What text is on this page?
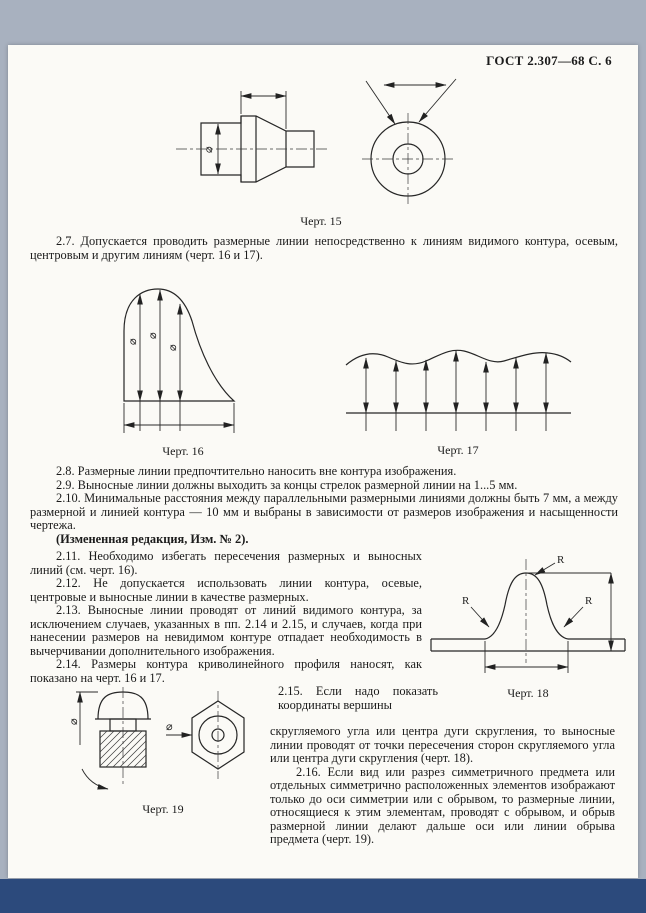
ГОСТ 2.307—68 С. 6
⌀
Черт. 15

2.7. Допускается проводить размерные линии непосредственно к линиям видимого контура, осевым, центровым и другим линиям (черт. 16 и 17).

⌀
⌀
⌀
Черт. 16	Черт. 17

2.8. Размерные линии предпочтительно наносить вне контура изображения.

2.9. Выносные линии должны выходить за концы стрелок размерной линии на 1...5 мм.

2.10. Минимальные расстояния между параллельными размерными линиями должны быть 7 мм, а между размерной и линией контура — 10 мм и выбраны в зависимости от размеров изображения и насыщенности чертежа.

(Измененная редакция, Изм. № 2).

2.11. Необходимо избегать пересечения размерных и выносных линий (см. черт. 16).

2.12. Не допускается использовать линии контура, осевые, центровые и выносные линии в качестве размерных.

2.13. Выносные линии проводят от линий видимого контура, за исключением случаев, указанных в пп. 2.14 и 2.15, и случаев, когда при нанесении размеров на невидимом контуре отпадает необходимость в вычерчивании дополнительного изображения.

2.14. Размеры контура криволинейного профиля наносят, как показано на черт. 16 и 17.

2.15. Если надо показать координаты вершины

R
R	R
Черт. 18
⌀	⌀
Черт. 19

скругляемого угла или центра дуги скругления, то выносные линии проводят от точки пересечения сторон скругляемого угла или центра дуги скругления (черт. 18).

2.16. Если вид или разрез симметричного предмета или отдельных симметрично расположенных элементов изображают только до оси симметрии или с обрывом, то размерные линии, относящиеся к этим элементам, проводят с обрывом, и обрыв размерной линии делают дальше оси или линии обрыва предмета (черт. 19).
